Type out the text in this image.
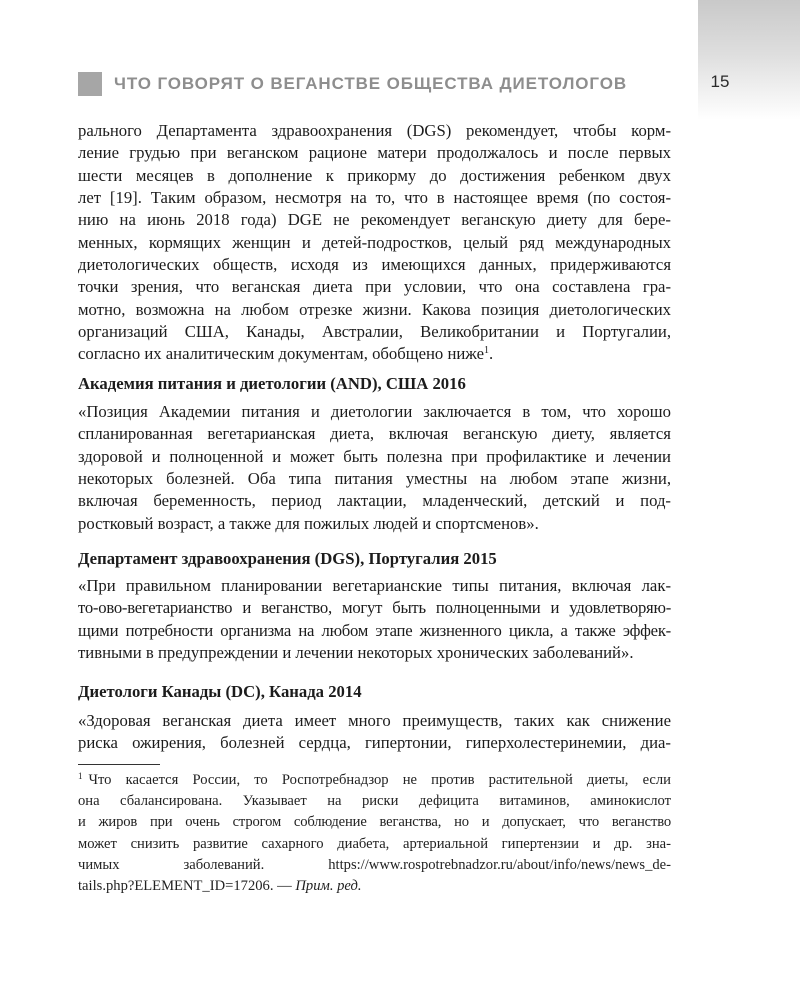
15
ЧТО ГОВОРЯТ О ВЕГАНСТВЕ ОБЩЕСТВА ДИЕТОЛОГОВ
рального Департамента здравоохранения (DGS) рекомендует, чтобы корм-
ление грудью при веганском рационе матери продолжалось и после первых
шести месяцев в дополнение к прикорму до достижения ребенком двух
лет [19]. Таким образом, несмотря на то, что в настоящее время (по состоя-
нию на июнь 2018 года) DGE не рекомендует веганскую диету для бере-
менных, кормящих женщин и детей-подростков, целый ряд международных
диетологических обществ, исходя из имеющихся данных, придерживаются
точки зрения, что веганская диета при условии, что она составлена гра-
мотно, возможна на любом отрезке жизни. Какова позиция диетологических
организаций США, Канады, Австралии, Великобритании и Португалии,
согласно их аналитическим документам, обобщено ниже$^1$.
Академия питания и диетологии (AND), США 2016
«Позиция Академии питания и диетологии заключается в том, что хорошо
спланированная вегетарианская диета, включая веганскую диету, является
здоровой и полноценной и может быть полезна при профилактике и лечении
некоторых болезней. Оба типа питания уместны на любом этапе жизни,
включая беременность, период лактации, младенческий, детский и под-
ростковый возраст, а также для пожилых людей и спортсменов».
Департамент здравоохранения (DGS), Португалия 2015
«При правильном планировании вегетарианские типы питания, включая лак-
то-ово-вегетарианство и веганство, могут быть полноценными и удовлетворяю-
щими потребности организма на любом этапе жизненного цикла, а также эффек-
тивными в предупреждении и лечении некоторых хронических заболеваний».
Диетологи Канады (DC), Канада 2014
«Здоровая веганская диета имеет много преимуществ, таких как снижение
риска ожирения, болезней сердца, гипертонии, гиперхолестеринемии, диа-
$^1$ Что касается России, то Роспотребнадзор не против растительной диеты, если
она сбалансирована. Указывает на риски дефицита витаминов, аминокислот
и жиров при очень строгом соблюдение веганства, но и допускает, что веганство
может снизить развитие сахарного диабета, артериальной гипертензии и др. зна-
чимых заболеваний. https://www.rospotrebnadzor.ru/about/info/news/news_de-
tails.php?ELEMENT_ID=17206. — Прим. ред.
